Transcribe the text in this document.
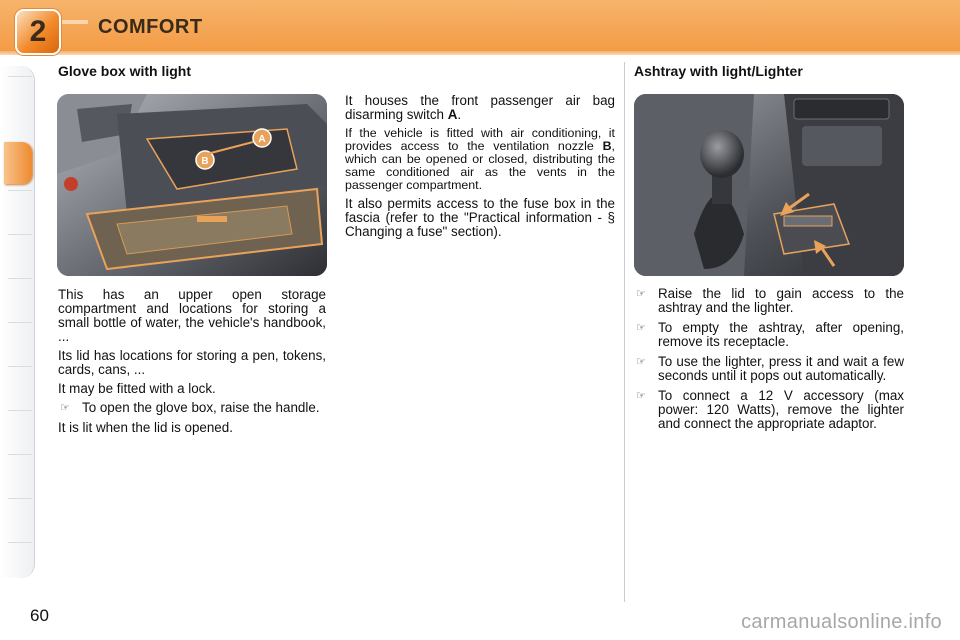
2	COMFORT
Glove box with light
A
B

This has an upper open storage compartment and locations for storing a small bottle of water, the vehicle's handbook, ...

Its lid has locations for storing a pen, tokens, cards, cans, ...

It may be fitted with a lock.

☞ To open the glove box, raise the handle.

It is lit when the lid is opened.

It houses the front passenger air bag disarming switch A.

If the vehicle is fitted with air conditioning, it provides access to the ventilation nozzle B, which can be opened or closed, distributing the same conditioned air as the vents in the passenger compartment.

It also permits access to the fuse box in the fascia (refer to the "Practical information - § Changing a fuse" section).

Ashtray with light/Lighter
☞ Raise the lid to gain access to the ashtray and the lighter.
☞ To empty the ashtray, after opening, remove its receptacle.
☞ To use the lighter, press it and wait a few seconds until it pops out automatically.
☞ To connect a 12 V accessory (max power: 120 Watts), remove the lighter and connect the appropriate adaptor.
60	carmanualsonline.info
